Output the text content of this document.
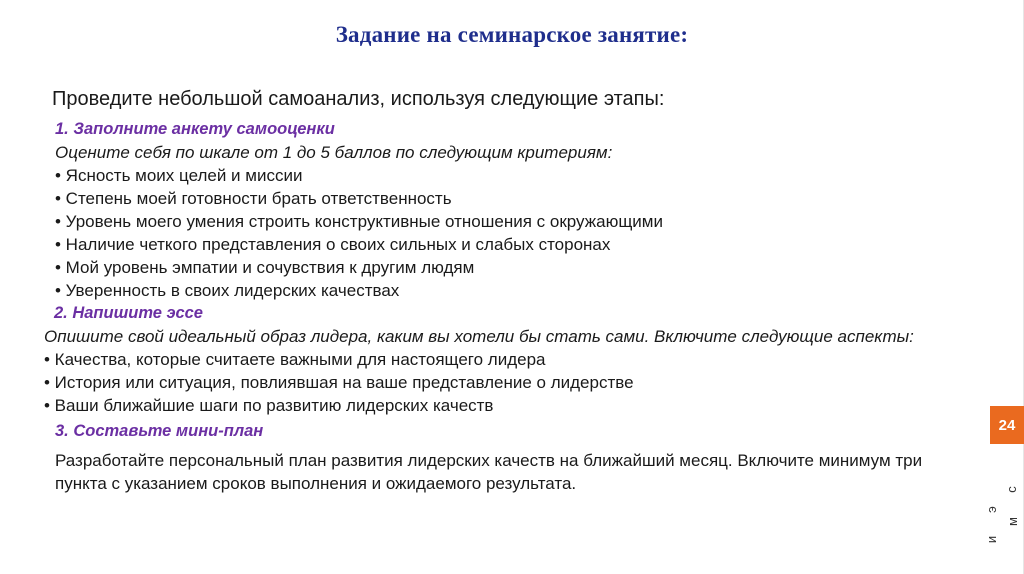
Задание на семинарское занятие:
Проведите небольшой самоанализ, используя следующие этапы:
1. Заполните анкету самооценки
Оцените себя по шкале от 1 до 5 баллов по следующим критериям:
• Ясность моих целей и миссии
• Степень моей готовности брать ответственность
• Уровень моего умения строить конструктивные отношения с окружающими
• Наличие четкого представления о своих сильных и слабых сторонах
• Мой уровень эмпатии и сочувствия к другим людям
• Уверенность в своих лидерских качествах
2. Напишите эссе
Опишите свой идеальный образ лидера, каким вы хотели бы стать сами. Включите следующие аспекты:
• Качества, которые считаете важными для настоящего лидера
• История или ситуация, повлиявшая на ваше представление о лидерстве
• Ваши ближайшие шаги по развитию лидерских качеств
3. Составьте мини-план
Разработайте персональный план развития лидерских качеств на ближайший месяц. Включите минимум три пункта с указанием сроков выполнения и ожидаемого результата.
24
с
м
э
и
